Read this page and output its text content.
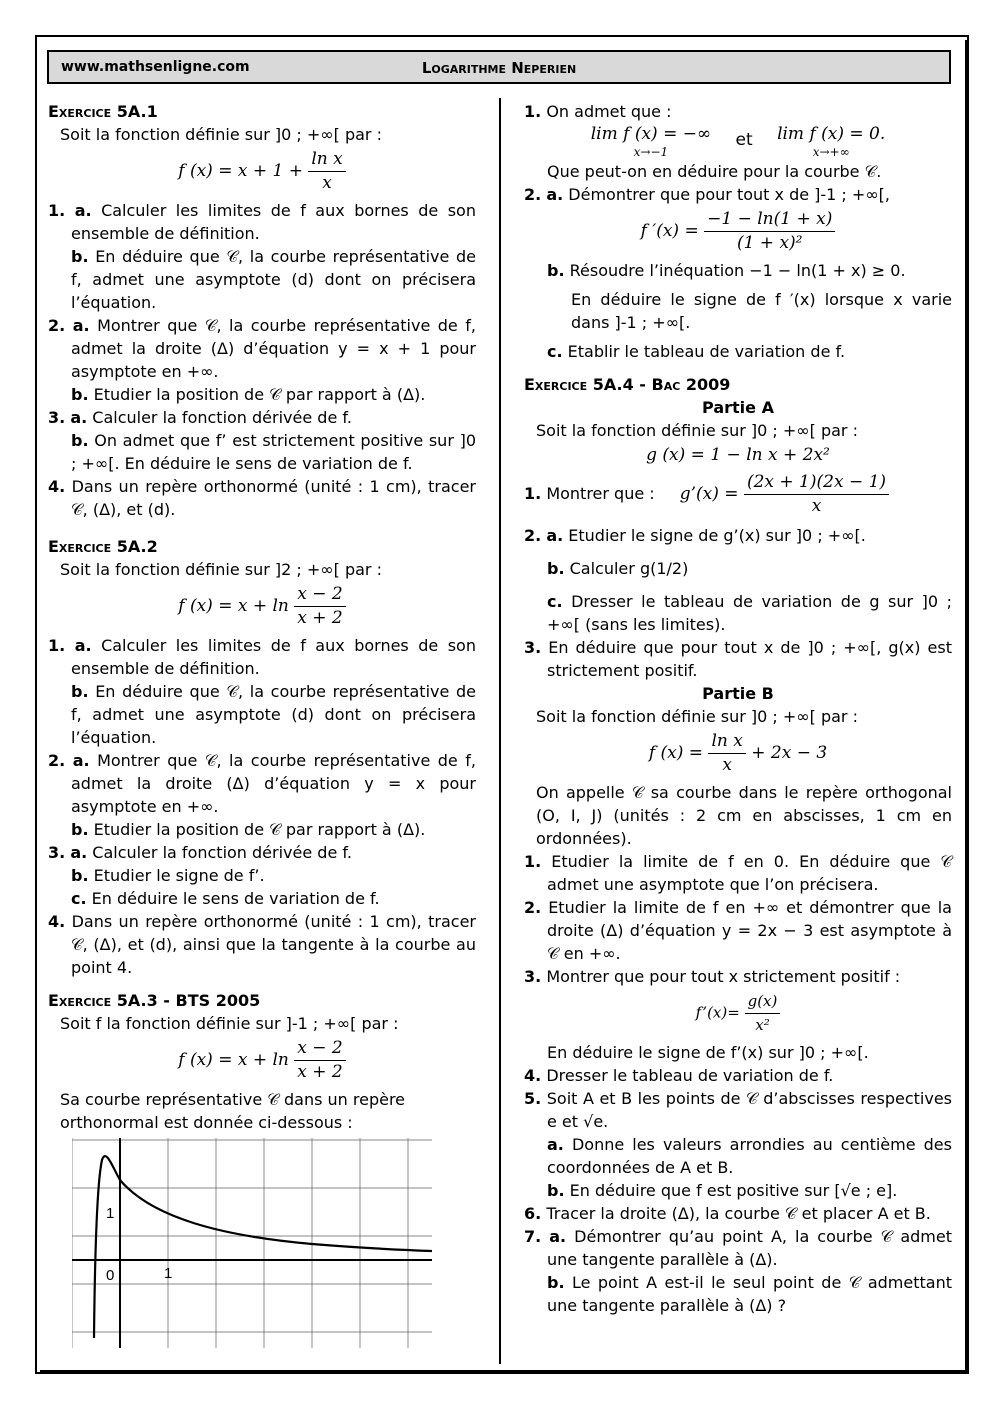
Logarithme Neperien
www.mathsenligne.com

Exercice 5A.1

Soit la fonction définie sur ]0 ; +∞[ par :

f $(x) = x + 1 + \frac{\text{ln x}}{x}$

1. a. Calculer les limites de f aux bornes de son ensemble de définition.

b. En déduire que 𝒞, la courbe représentative de f, admet une asymptote (d) dont on précisera l’équation.

2. a. Montrer que 𝒞, la courbe représentative de f, admet la droite (Δ) d’équation y = x + 1 pour asymptote en +∞.

b. Etudier la position de 𝒞 par rapport à (Δ).

3. a. Calculer la fonction dérivée de f.

b. On admet que f’ est strictement positive sur ]0 ; +∞[. En déduire le sens de variation de f.

4. Dans un repère orthonormé (unité : 1 cm), tracer 𝒞, (Δ), et (d).

Exercice 5A.2

Soit la fonction définie sur ]2 ; +∞[ par :

f $(x) = x + \ln \frac{x - 2}{x + 2}$

1. a. Calculer les limites de f aux bornes de son ensemble de définition.

b. En déduire que 𝒞, la courbe représentative de f, admet une asymptote (d) dont on précisera l’équation.

2. a. Montrer que 𝒞, la courbe représentative de f, admet la droite (Δ) d’équation y = x pour asymptote en +∞.

b. Etudier la position de 𝒞 par rapport à (Δ).

3. a. Calculer la fonction dérivée de f.

b. Etudier le signe de f’.

c. En déduire le sens de variation de f.

4. Dans un repère orthonormé (unité : 1 cm), tracer 𝒞, (Δ), et (d), ainsi que la tangente à la courbe au point 4.

Exercice 5A.3 - BTS 2005

Soit f la fonction définie sur ]-1 ; +∞[ par :

f $(x) = x + \ln \frac{x - 2}{x + 2}$

Sa courbe représentative 𝒞 dans un repère orthonormal est donnée ci-dessous :

1
0	1

1. On admet que :

lim f (x) = −∞
x→−1
et lim f (x) = 0.
x→+∞

Que peut-on en déduire pour la courbe 𝒞.

2. a. Démontrer que pour tout x de ]-1 ; +∞[,

f $'(x) = \frac{-1 - \ln(1 + x)}{\text{(1 + x)²}}$

b. Résoudre l’inéquation −1 − ln(1 + x) ≥ 0.

En déduire le signe de f ′(x) lorsque x varie dans ]-1 ; +∞[.

c. Etablir le tableau de variation de f.

Exercice 5A.4 - Bac 2009

Partie A

Soit la fonction définie sur ]0 ; +∞[ par :

g (x) = 1 − ln x + 2x²

1. Montrer que : g’(x) = $\frac{(2x + 1)(2x - 1)}{x}$

2. a. Etudier le signe de g’(x) sur ]0 ; +∞[.

b. Calculer g(1/2)

c. Dresser le tableau de variation de g sur ]0 ; +∞[ (sans les limites).

3. En déduire que pour tout x de ]0 ; +∞[, g(x) est strictement positif.

Partie B

Soit la fonction définie sur ]0 ; +∞[ par :

f $(x) = \frac{\text{ln x}}{x} + 2x - 3$

On appelle 𝒞 sa courbe dans le repère orthogonal (O, I, J) (unités : 2 cm en abscisses, 1 cm en ordonnées).

1. Etudier la limite de f en 0. En déduire que 𝒞 admet une asymptote que l’on précisera.

2. Etudier la limite de f en +∞ et démontrer que la droite (Δ) d’équation y = 2x − 3 est asymptote à 𝒞 en +∞.

3. Montrer que pour tout x strictement positif :

f’(x)= $\frac{g(x)}{\text{x²}}$

En déduire le signe de f’(x) sur ]0 ; +∞[.

4. Dresser le tableau de variation de f.

5. Soit A et B les points de 𝒞 d’abscisses respectives e et √e.

a. Donne les valeurs arrondies au centième des coordonnées de A et B.

b. En déduire que f est positive sur [√e ; e].

6. Tracer la droite (Δ), la courbe 𝒞 et placer A et B.

7. a. Démontrer qu’au point A, la courbe 𝒞 admet une tangente parallèle à (Δ).

b. Le point A est-il le seul point de 𝒞 admettant une tangente parallèle à (Δ) ?
